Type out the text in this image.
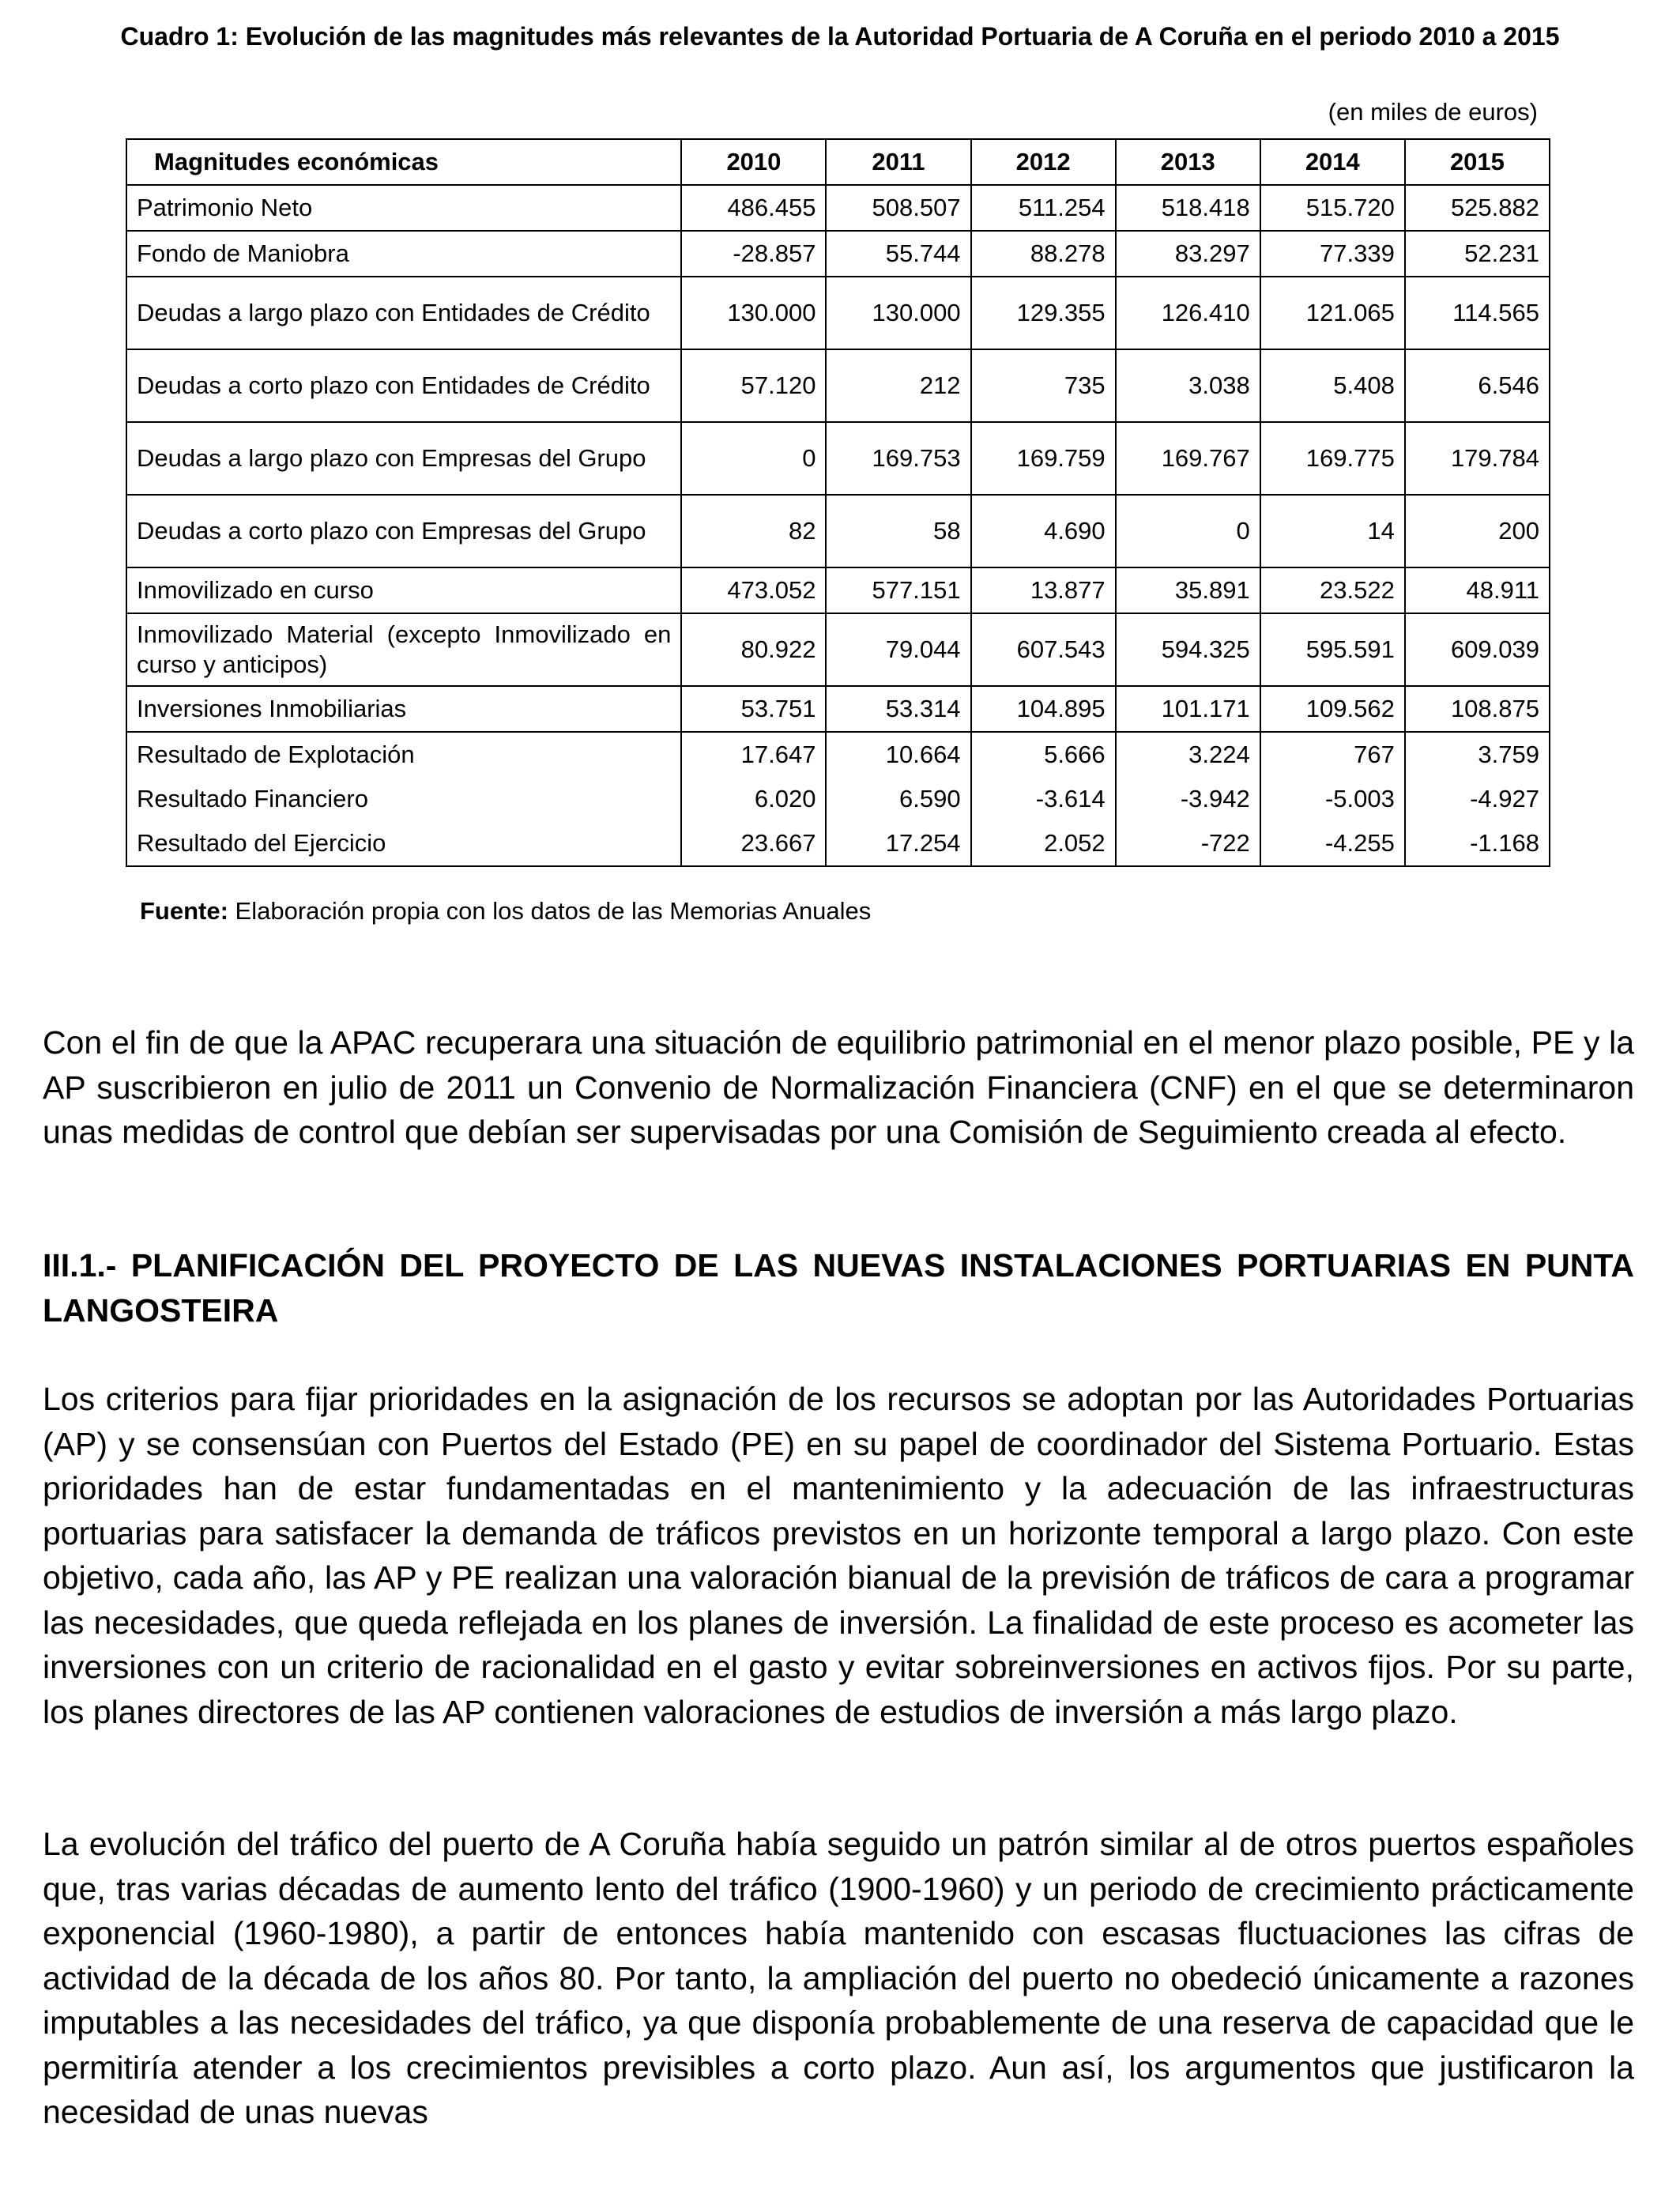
Cuadro 1: Evolución de las magnitudes más relevantes de la Autoridad Portuaria de A Coruña en el periodo 2010 a 2015
(en miles de euros)
Magnitudes económicas	2010	2011	2012	2013	2014	2015
Patrimonio Neto	486.455	508.507	511.254	518.418	515.720	525.882
Fondo de Maniobra	-28.857	55.744	88.278	83.297	77.339	52.231
Deudas a largo plazo con Entidades de Crédito	130.000	130.000	129.355	126.410	121.065	114.565
Deudas a corto plazo con Entidades de Crédito	57.120	212	735	3.038	5.408	6.546
Deudas a largo plazo con Empresas del Grupo	0	169.753	169.759	169.767	169.775	179.784
Deudas a corto plazo con Empresas del Grupo	82	58	4.690	0	14	200
Inmovilizado en curso	473.052	577.151	13.877	35.891	23.522	48.911
Inmovilizado Material (excepto Inmovilizado en curso y anticipos)	80.922	79.044	607.543	594.325	595.591	609.039
Inversiones Inmobiliarias	53.751	53.314	104.895	101.171	109.562	108.875
Resultado de Explotación	17.647	10.664	5.666	3.224	767	3.759
Resultado Financiero	6.020	6.590	-3.614	-3.942	-5.003	-4.927
Resultado del Ejercicio	23.667	17.254	2.052	-722	-4.255	-1.168
Fuente: Elaboración propia con los datos de las Memorias Anuales

Con el fin de que la APAC recuperara una situación de equilibrio patrimonial en el menor plazo posible, PE y la AP suscribieron en julio de 2011 un Convenio de Normalización Financiera (CNF) en el que se determinaron unas medidas de control que debían ser supervisadas por una Comisión de Seguimiento creada al efecto.

III.1.- PLANIFICACIÓN DEL PROYECTO DE LAS NUEVAS INSTALACIONES PORTUARIAS EN PUNTA LANGOSTEIRA

Los criterios para fijar prioridades en la asignación de los recursos se adoptan por las Autoridades Portuarias (AP) y se consensúan con Puertos del Estado (PE) en su papel de coordinador del Sistema Portuario. Estas prioridades han de estar fundamentadas en el mantenimiento y la adecuación de las infraestructuras portuarias para satisfacer la demanda de tráficos previstos en un horizonte temporal a largo plazo. Con este objetivo, cada año, las AP y PE realizan una valoración bianual de la previsión de tráficos de cara a programar las necesidades, que queda reflejada en los planes de inversión. La finalidad de este proceso es acometer las inversiones con un criterio de racionalidad en el gasto y evitar sobreinversiones en activos fijos. Por su parte, los planes directores de las AP contienen valoraciones de estudios de inversión a más largo plazo.

La evolución del tráfico del puerto de A Coruña había seguido un patrón similar al de otros puertos españoles que, tras varias décadas de aumento lento del tráfico (1900-1960) y un periodo de crecimiento prácticamente exponencial (1960-1980), a partir de entonces había mantenido con escasas fluctuaciones las cifras de actividad de la década de los años 80. Por tanto, la ampliación del puerto no obedeció únicamente a razones imputables a las necesidades del tráfico, ya que disponía probablemente de una reserva de capacidad que le permitiría atender a los crecimientos previsibles a corto plazo. Aun así, los argumentos que justificaron la necesidad de unas nuevas
